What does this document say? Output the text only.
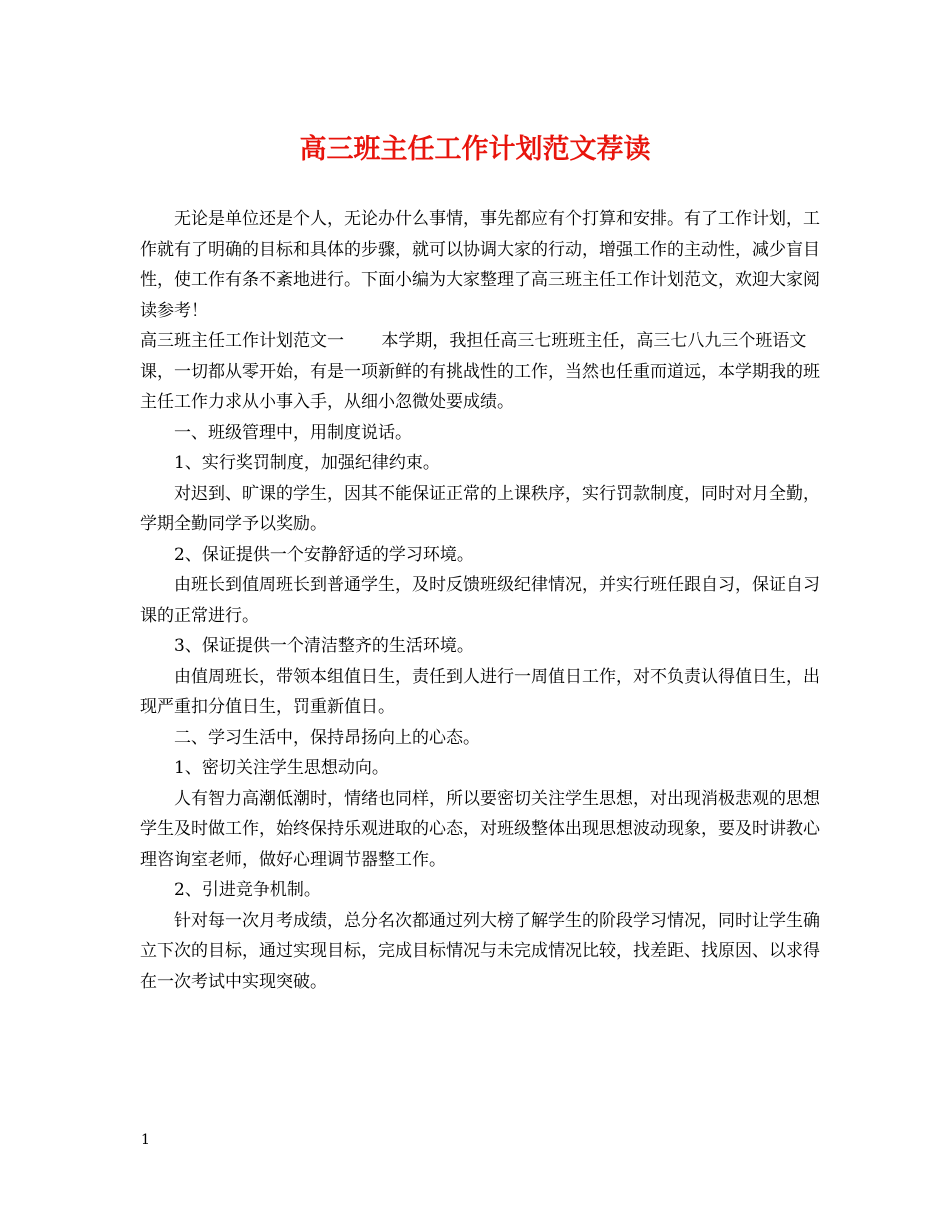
高三班主任工作计划范文荐读

无论是单位还是个人，无论办什么事情，事先都应有个打算和安排。有了工作计划，工作就有了明确的目标和具体的步骤，就可以协调大家的行动，增强工作的主动性，减少盲目性，使工作有条不紊地进行。下面小编为大家整理了高三班主任工作计划范文，欢迎大家阅读参考！

高三班主任工作计划范文一 本学期，我担任高三七班班主任，高三七八九三个班语文课，一切都从零开始，有是一项新鲜的有挑战性的工作，当然也任重而道远，本学期我的班主任工作力求从小事入手，从细小忽微处要成绩。

一、班级管理中，用制度说话。

1、实行奖罚制度，加强纪律约束。

对迟到、旷课的学生，因其不能保证正常的上课秩序，实行罚款制度，同时对月全勤，学期全勤同学予以奖励。

2、保证提供一个安静舒适的学习环境。

由班长到值周班长到普通学生，及时反馈班级纪律情况，并实行班任跟自习，保证自习课的正常进行。

3、保证提供一个清洁整齐的生活环境。

由值周班长，带领本组值日生，责任到人进行一周值日工作，对不负责认得值日生，出现严重扣分值日生，罚重新值日。

二、学习生活中，保持昂扬向上的心态。

1、密切关注学生思想动向。

人有智力高潮低潮时，情绪也同样，所以要密切关注学生思想，对出现消极悲观的思想学生及时做工作，始终保持乐观进取的心态，对班级整体出现思想波动现象，要及时讲教心理咨询室老师，做好心理调节器整工作。

2、引进竞争机制。

针对每一次月考成绩，总分名次都通过列大榜了解学生的阶段学习情况，同时让学生确立下次的目标，通过实现目标，完成目标情况与未完成情况比较，找差距、找原因、以求得在一次考试中实现突破。

1
